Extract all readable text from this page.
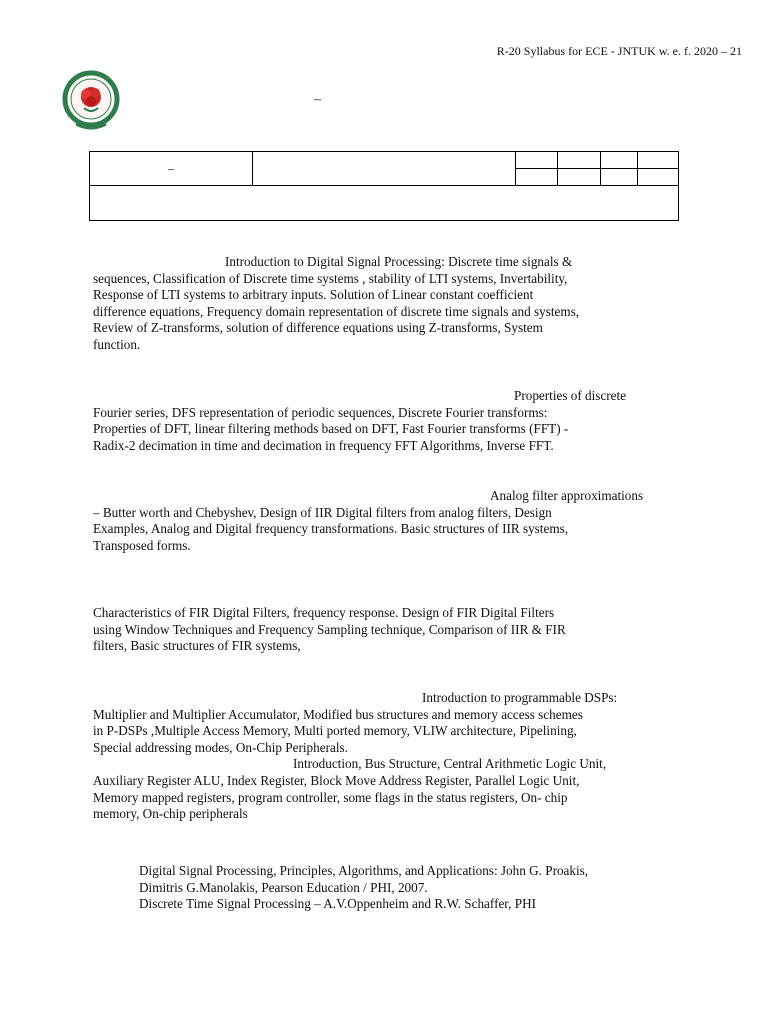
R-20 Syllabus for ECE - JNTUK w. e. f. 2020 – 21
–
–					

Introduction to Digital Signal Processing: Discrete time signals &
sequences, Classification of Discrete time systems , stability of LTI systems, Invertability,
Response of LTI systems to arbitrary inputs. Solution of Linear constant coefficient
difference equations, Frequency domain representation of discrete time signals and systems,
Review of Z-transforms, solution of difference equations using Z-transforms, System
function.
Properties of discrete
Fourier series, DFS representation of periodic sequences, Discrete Fourier transforms:
Properties of DFT, linear filtering methods based on DFT, Fast Fourier transforms (FFT) -
Radix-2 decimation in time and decimation in frequency FFT Algorithms, Inverse FFT.
Analog filter approximations
– Butter worth and Chebyshev, Design of IIR Digital filters from analog filters, Design
Examples, Analog and Digital frequency transformations. Basic structures of IIR systems,
Transposed forms.
Characteristics of FIR Digital Filters, frequency response. Design of FIR Digital Filters
using Window Techniques and Frequency Sampling technique, Comparison of IIR & FIR
filters, Basic structures of FIR systems,
Introduction to programmable DSPs:
Multiplier and Multiplier Accumulator, Modified bus structures and memory access schemes
in P-DSPs ,Multiple Access Memory, Multi ported memory, VLIW architecture, Pipelining,
Special addressing modes, On-Chip Peripherals.
Introduction, Bus Structure, Central Arithmetic Logic Unit,
Auxiliary Register ALU, Index Register, Block Move Address Register, Parallel Logic Unit,
Memory mapped registers, program controller, some flags in the status registers, On- chip
memory, On-chip peripherals
Digital Signal Processing, Principles, Algorithms, and Applications: John G. Proakis,
Dimitris G.Manolakis, Pearson Education / PHI, 2007.
Discrete Time Signal Processing – A.V.Oppenheim and R.W. Schaffer, PHI
